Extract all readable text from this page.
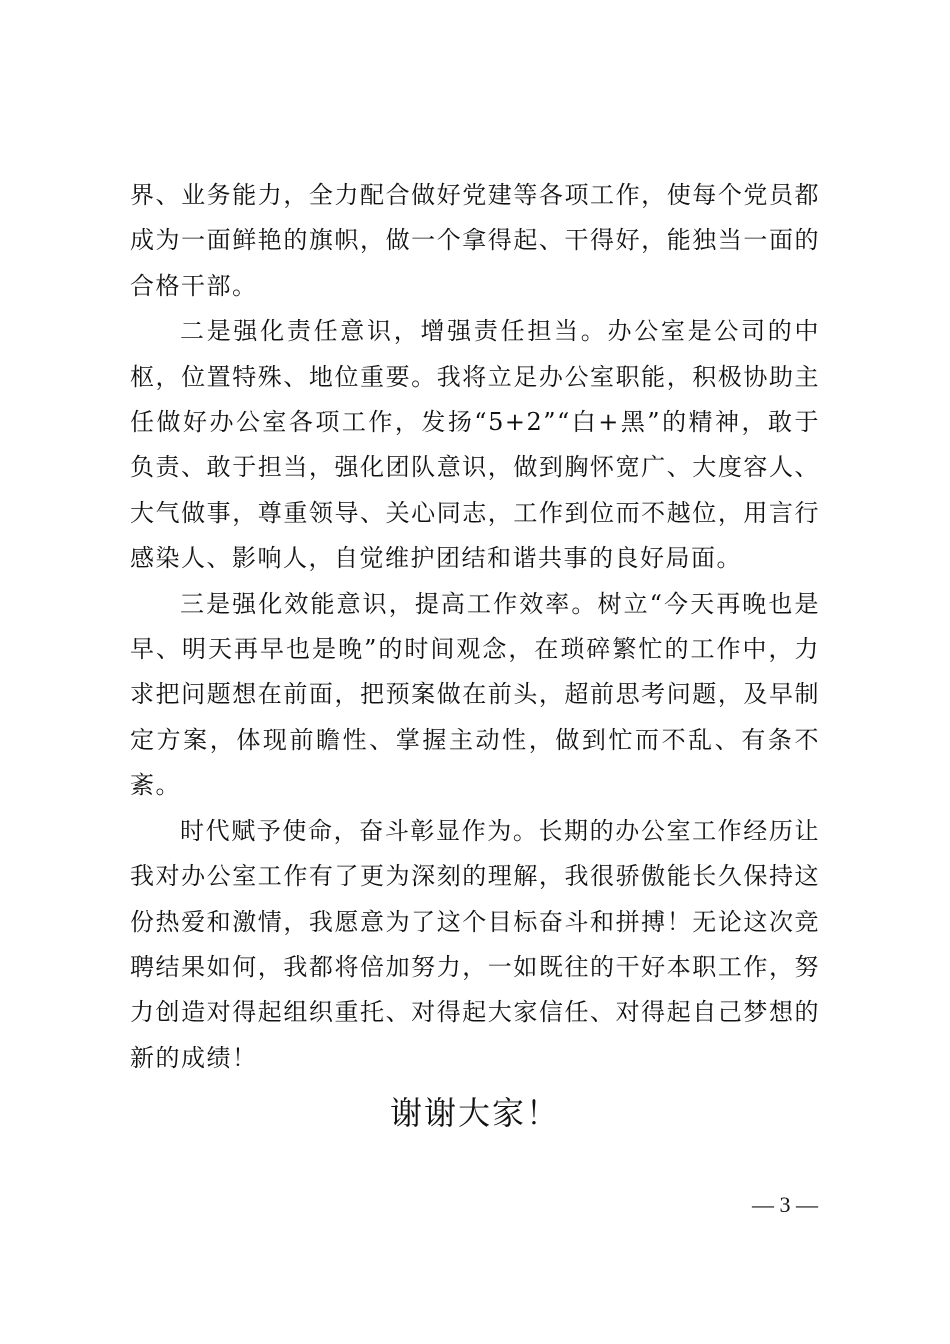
界、业务能力，全力配合做好党建等各项工作，使每个党员都成为一面鲜艳的旗帜，做一个拿得起、干得好，能独当一面的合格干部。

二是强化责任意识，增强责任担当。办公室是公司的中枢，位置特殊、地位重要。我将立足办公室职能，积极协助主任做好办公室各项工作，发扬“5+2”“白+黑”的精神，敢于负责、敢于担当，强化团队意识，做到胸怀宽广、大度容人、大气做事，尊重领导、关心同志，工作到位而不越位，用言行感染人、影响人，自觉维护团结和谐共事的良好局面。

三是强化效能意识，提高工作效率。树立“今天再晚也是早、明天再早也是晚”的时间观念，在琐碎繁忙的工作中，力求把问题想在前面，把预案做在前头，超前思考问题，及早制定方案，体现前瞻性、掌握主动性，做到忙而不乱、有条不紊。

时代赋予使命，奋斗彰显作为。长期的办公室工作经历让我对办公室工作有了更为深刻的理解，我很骄傲能长久保持这份热爱和激情，我愿意为了这个目标奋斗和拼搏！无论这次竞聘结果如何，我都将倍加努力，一如既往的干好本职工作，努力创造对得起组织重托、对得起大家信任、对得起自己梦想的新的成绩！

谢谢大家！

— 3 —
